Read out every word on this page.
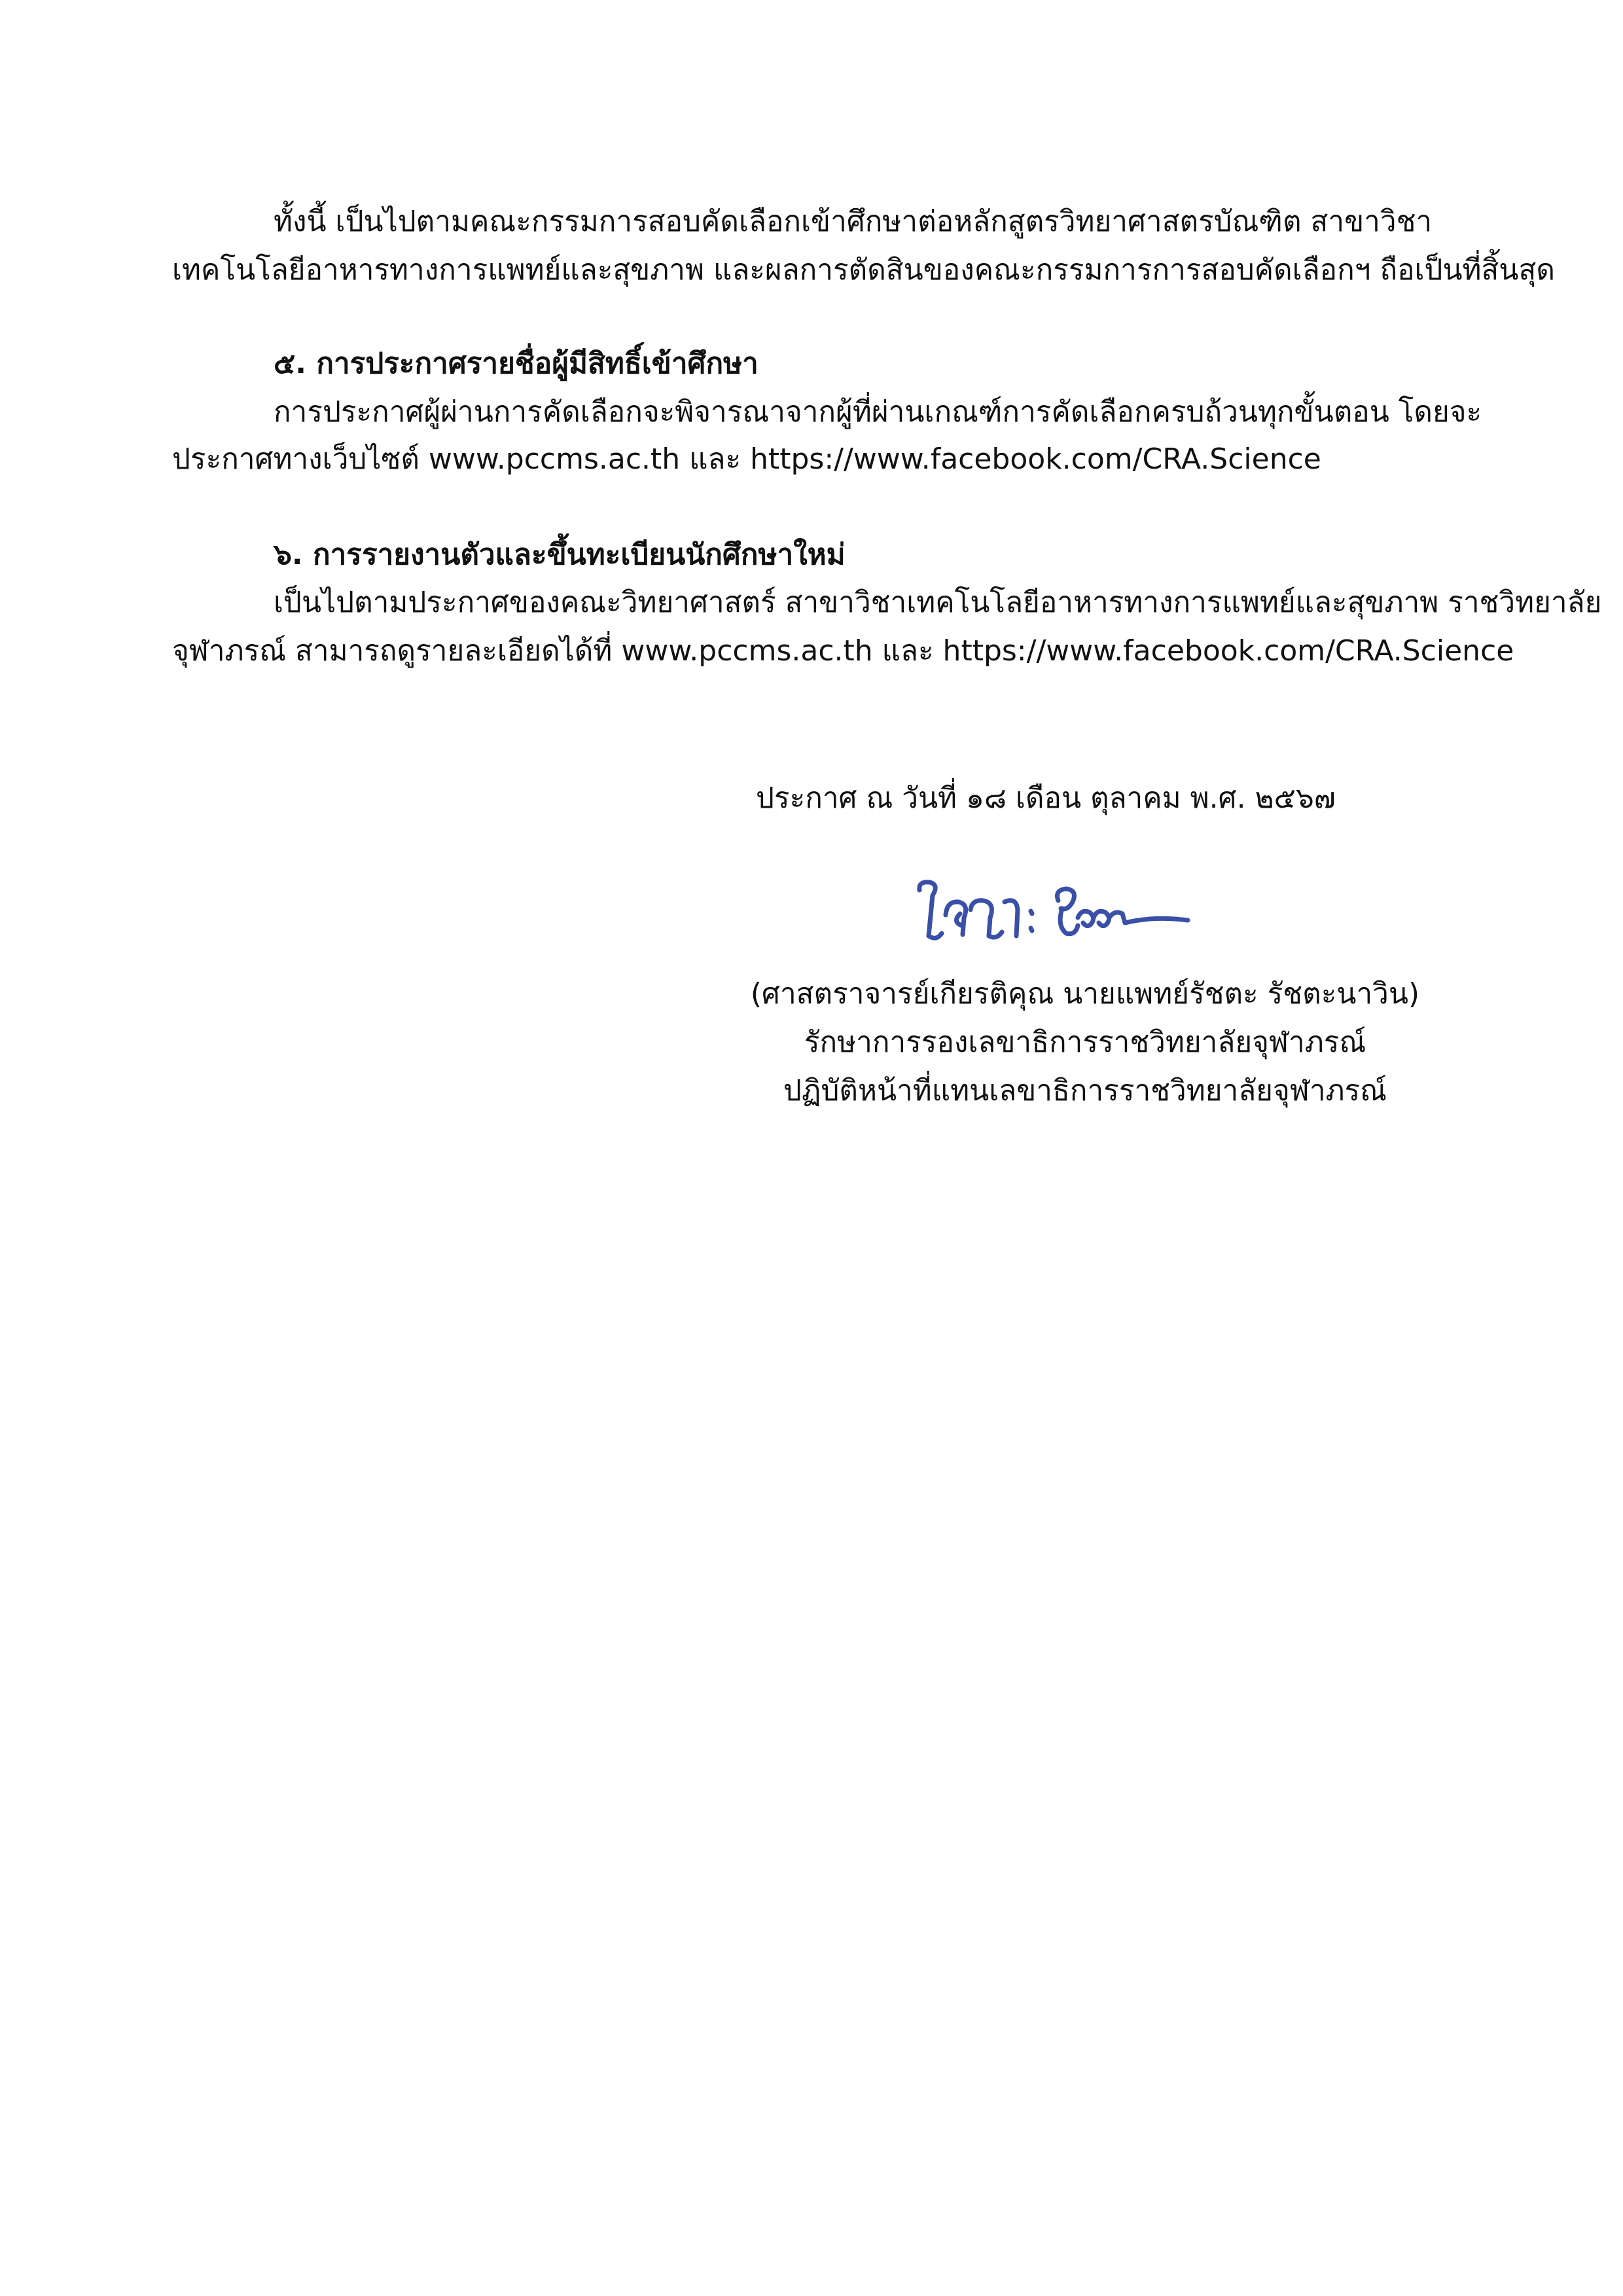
ทั้งนี้ เป็นไปตามคณะกรรมการสอบคัดเลือกเข้าศึกษาต่อหลักสูตรวิทยาศาสตรบัณฑิต สาขาวิชา
เทคโนโลยีอาหารทางการแพทย์และสุขภาพ และผลการตัดสินของคณะกรรมการการสอบคัดเลือกฯ ถือเป็นที่สิ้นสุด
๕. การประกาศรายชื่อผู้มีสิทธิ์เข้าศึกษา
การประกาศผู้ผ่านการคัดเลือกจะพิจารณาจากผู้ที่ผ่านเกณฑ์การคัดเลือกครบถ้วนทุกขั้นตอน โดยจะ
ประกาศทางเว็บไซต์ www.pccms.ac.th และ https://www.facebook.com/CRA.Science
๖. การรายงานตัวและขึ้นทะเบียนนักศึกษาใหม่
เป็นไปตามประกาศของคณะวิทยาศาสตร์ สาขาวิชาเทคโนโลยีอาหารทางการแพทย์และสุขภาพ ราชวิทยาลัย
จุฬาภรณ์ สามารถดูรายละเอียดได้ที่ www.pccms.ac.th และ https://www.facebook.com/CRA.Science
ประกาศ ณ วันที่ ๑๘ เดือน ตุลาคม พ.ศ. ๒๕๖๗
(ศาสตราจารย์เกียรติคุณ นายแพทย์รัชตะ รัชตะนาวิน)
รักษาการรองเลขาธิการราชวิทยาลัยจุฬาภรณ์
ปฏิบัติหน้าที่แทนเลขาธิการราชวิทยาลัยจุฬาภรณ์
